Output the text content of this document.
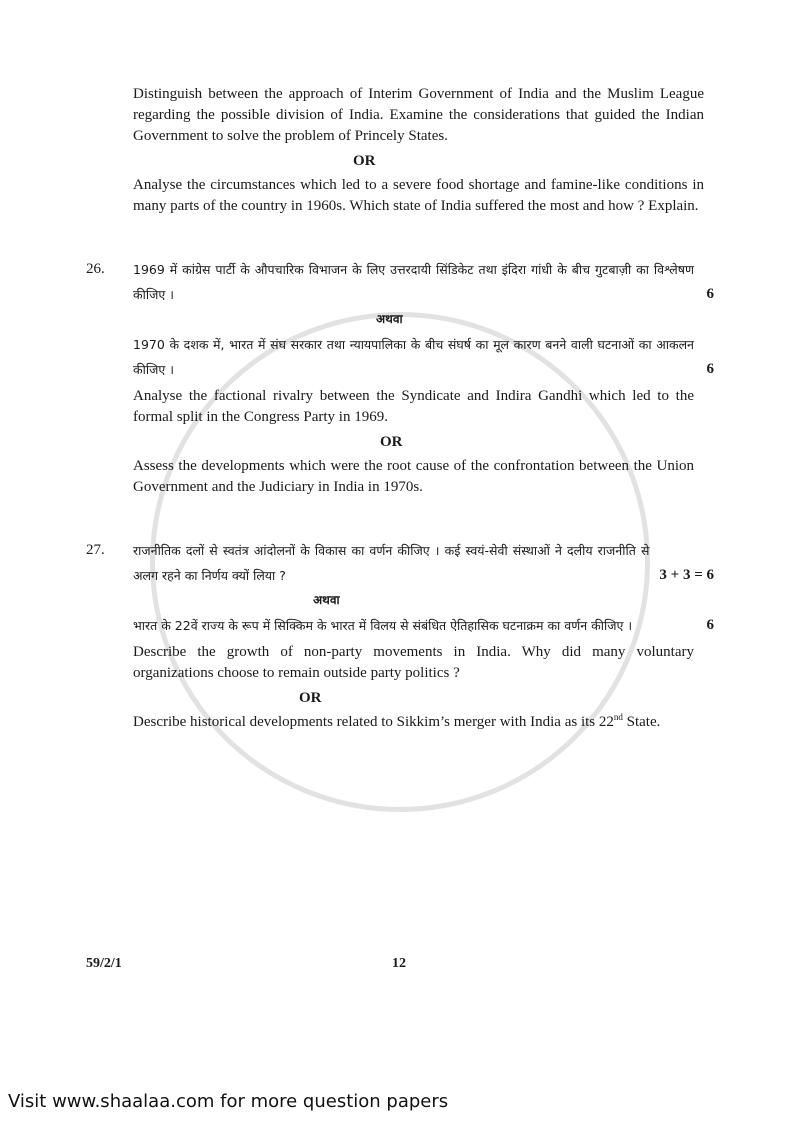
Distinguish between the approach of Interim Government of India and the Muslim League regarding the possible division of India. Examine the considerations that guided the Indian Government to solve the problem of Princely States.
OR
Analyse the circumstances which led to a severe food shortage and famine-like conditions in many parts of the country in 1960s. Which state of India suffered the most and how ? Explain.
26.	1969 में कांग्रेस पार्टी के औपचारिक विभाजन के लिए उत्तरदायी सिंडिकेट तथा इंदिरा गांधी के बीच गुटबाज़ी का विश्लेषण कीजिए ।	6
अथवा
1970 के दशक में, भारत में संघ सरकार तथा न्यायपालिका के बीच संघर्ष का मूल कारण बनने वाली घटनाओं का आकलन कीजिए ।	6
Analyse the factional rivalry between the Syndicate and Indira Gandhi which led to the formal split in the Congress Party in 1969.
OR
Assess the developments which were the root cause of the confrontation between the Union Government and the Judiciary in India in 1970s.
27.	राजनीतिक दलों से स्वतंत्र आंदोलनों के विकास का वर्णन कीजिए । कई स्वयं-सेवी संस्थाओं ने दलीय राजनीति से अलग रहने का निर्णय क्यों लिया ?	3 + 3 = 6
अथवा
भारत के 22वें राज्य के रूप में सिक्किम के भारत में विलय से संबंधित ऐतिहासिक घटनाक्रम का वर्णन कीजिए ।	6
Describe the growth of non-party movements in India. Why did many voluntary organizations choose to remain outside party politics ?
OR
Describe historical developments related to Sikkim’s merger with India as its 22nd State.
59/2/1	12
Visit www.shaalaa.com for more question papers
